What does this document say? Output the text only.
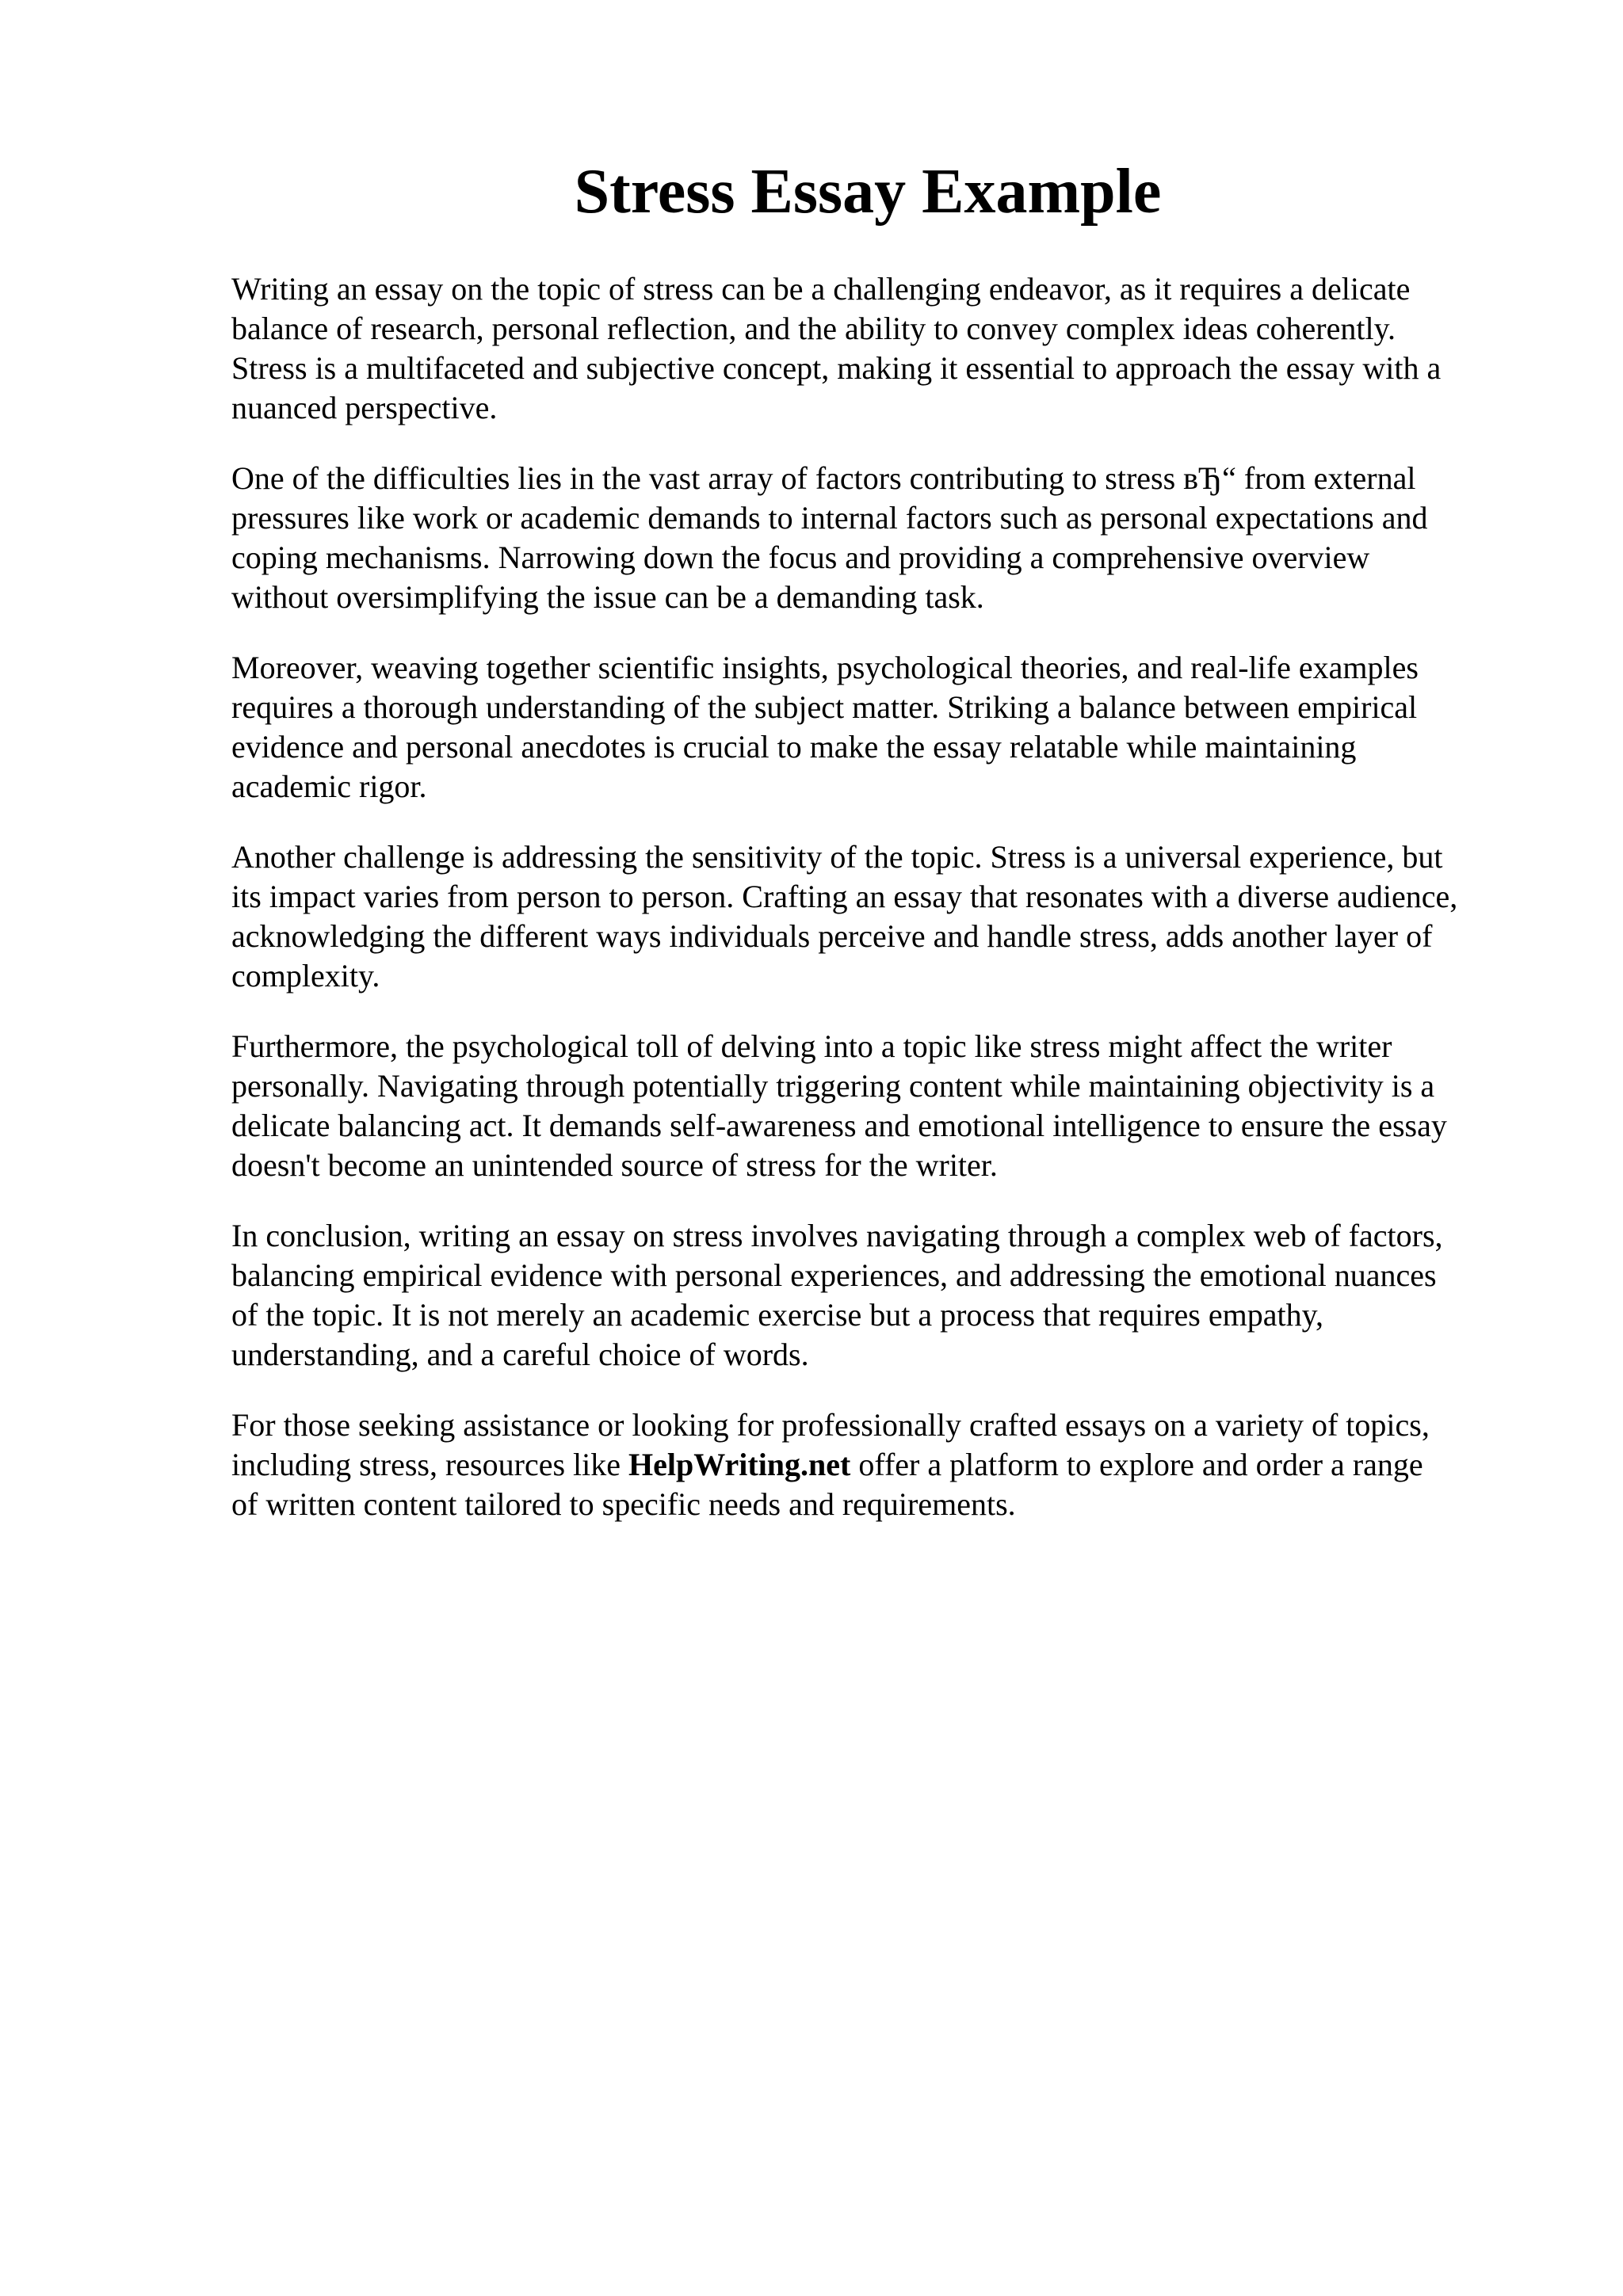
Stress Essay Example

Writing an essay on the topic of stress can be a challenging endeavor, as it requires a delicate
balance of research, personal reflection, and the ability to convey complex ideas coherently.
Stress is a multifaceted and subjective concept, making it essential to approach the essay with a
nuanced perspective.

One of the difficulties lies in the vast array of factors contributing to stress вЂ“ from external
pressures like work or academic demands to internal factors such as personal expectations and
coping mechanisms. Narrowing down the focus and providing a comprehensive overview
without oversimplifying the issue can be a demanding task.

Moreover, weaving together scientific insights, psychological theories, and real-life examples
requires a thorough understanding of the subject matter. Striking a balance between empirical
evidence and personal anecdotes is crucial to make the essay relatable while maintaining
academic rigor.

Another challenge is addressing the sensitivity of the topic. Stress is a universal experience, but
its impact varies from person to person. Crafting an essay that resonates with a diverse audience,
acknowledging the different ways individuals perceive and handle stress, adds another layer of
complexity.

Furthermore, the psychological toll of delving into a topic like stress might affect the writer
personally. Navigating through potentially triggering content while maintaining objectivity is a
delicate balancing act. It demands self-awareness and emotional intelligence to ensure the essay
doesn't become an unintended source of stress for the writer.

In conclusion, writing an essay on stress involves navigating through a complex web of factors,
balancing empirical evidence with personal experiences, and addressing the emotional nuances
of the topic. It is not merely an academic exercise but a process that requires empathy,
understanding, and a careful choice of words.

For those seeking assistance or looking for professionally crafted essays on a variety of topics,
including stress, resources like HelpWriting.net offer a platform to explore and order a range
of written content tailored to specific needs and requirements.
